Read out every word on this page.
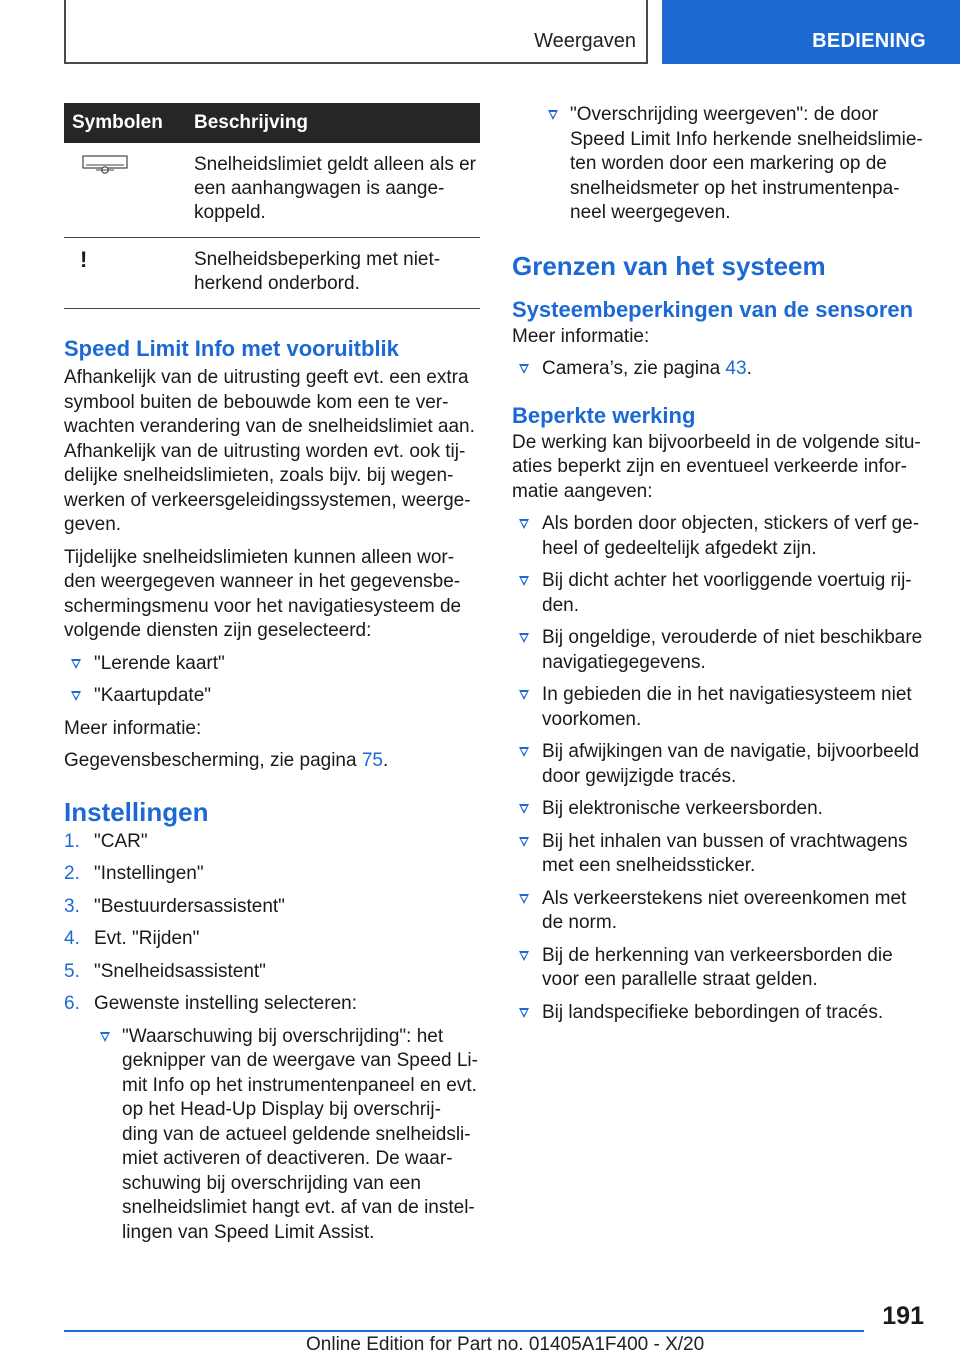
Weergaven	BEDIENING
Symbolen	Beschrijving

	Snelheidslimiet geldt alleen als er een aanhangwagen is aange- koppeld.

!	Snelheidsbeperking met niet- herkend onderbord.
Speed Limit Info met vooruitblik

Afhankelijk van de uitrusting geeft evt. een extra symbool buiten de bebouwde kom een te ver- wachten verandering van de snelheidslimiet aan. Afhankelijk van de uitrusting worden evt. ook tij- delijke snelheidslimieten, zoals bijv. bij wegen- werken of verkeersgeleidingssystemen, weerge- geven.

Tijdelijke snelheidslimieten kunnen alleen wor- den weergegeven wanneer in het gegevensbe- schermingsmenu voor het navigatiesysteem de volgende diensten zijn geselecteerd:

"Lerende kaart"
"Kaartupdate"

Meer informatie:

Gegevensbescherming, zie pagina 75.

Instellingen
1. "CAR"
2. "Instellingen"
3. "Bestuurdersassistent"
4. Evt. "Rijden"
5. "Snelheidsassistent"
6. Gewenste instelling selecteren:
"Waarschuwing bij overschrijding": het geknipper van de weergave van Speed Li- mit Info op het instrumentenpaneel en evt. op het Head-Up Display bij overschrij- ding van de actueel geldende snelheidsli- miet activeren of deactiveren. De waar- schuwing bij overschrijding van een snelheidslimiet hangt evt. af van de instel- lingen van Speed Limit Assist.
"Overschrijding weergeven": de door Speed Limit Info herkende snelheidslimie- ten worden door een markering op de snelheidsmeter op het instrumentenpa- neel weergegeven.
Grenzen van het systeem
Systeembeperkingen van de sensoren

Meer informatie:

Camera’s, zie pagina 43.
Beperkte werking

De werking kan bijvoorbeeld in de volgende situ- aties beperkt zijn en eventueel verkeerde infor- matie aangeven:

Als borden door objecten, stickers of verf ge- heel of gedeeltelijk afgedekt zijn.
Bij dicht achter het voorliggende voertuig rij- den.
Bij ongeldige, verouderde of niet beschikbare navigatiegegevens.
In gebieden die in het navigatiesysteem niet voorkomen.
Bij afwijkingen van de navigatie, bijvoorbeeld door gewijzigde tracés.
Bij elektronische verkeersborden.
Bij het inhalen van bussen of vrachtwagens met een snelheidssticker.
Als verkeerstekens niet overeenkomen met de norm.
Bij de herkenning van verkeersborden die voor een parallelle straat gelden.
Bij landspecifieke bebordingen of tracés.
191
Online Edition for Part no. 01405A1F400 - X/20
